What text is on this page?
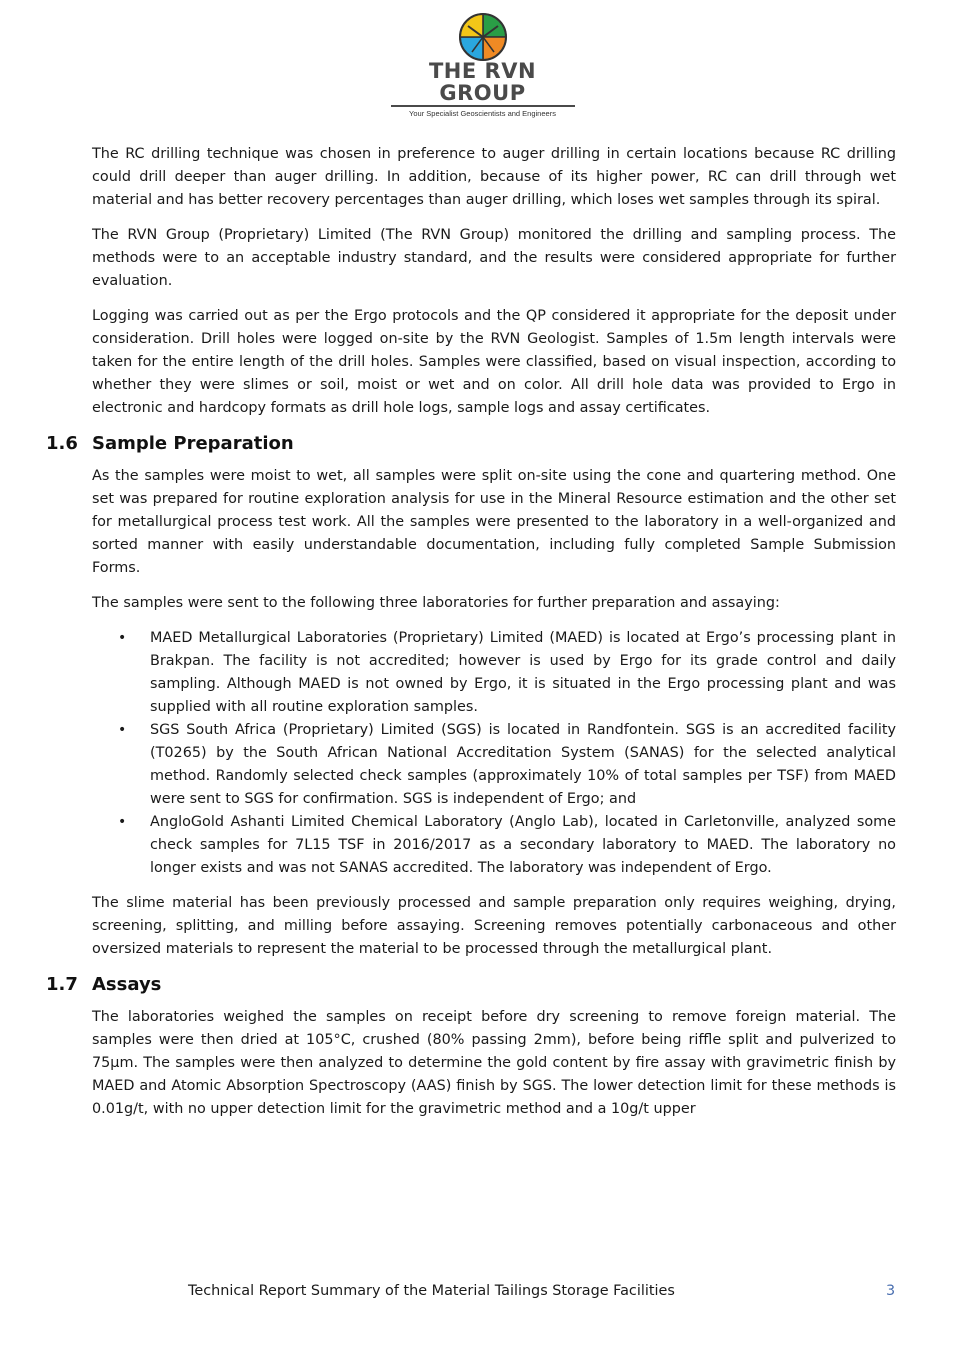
THE RVN GROUP
Your Specialist Geoscientists and Engineers

The RC drilling technique was chosen in preference to auger drilling in certain locations because RC drilling could drill deeper than auger drilling. In addition, because of its higher power, RC can drill through wet material and has better recovery percentages than auger drilling, which loses wet samples through its spiral.

The RVN Group (Proprietary) Limited (The RVN Group) monitored the drilling and sampling process. The methods were to an acceptable industry standard, and the results were considered appropriate for further evaluation.

Logging was carried out as per the Ergo protocols and the QP considered it appropriate for the deposit under consideration. Drill holes were logged on-site by the RVN Geologist. Samples of 1.5m length intervals were taken for the entire length of the drill holes. Samples were classified, based on visual inspection, according to whether they were slimes or soil, moist or wet and on color. All drill hole data was provided to Ergo in electronic and hardcopy formats as drill hole logs, sample logs and assay certificates.

1.6 Sample Preparation

As the samples were moist to wet, all samples were split on-site using the cone and quartering method. One set was prepared for routine exploration analysis for use in the Mineral Resource estimation and the other set for metallurgical process test work. All the samples were presented to the laboratory in a well-organized and sorted manner with easily understandable documentation, including fully completed Sample Submission Forms.

The samples were sent to the following three laboratories for further preparation and assaying:

• MAED Metallurgical Laboratories (Proprietary) Limited (MAED) is located at Ergo’s processing plant in Brakpan. The facility is not accredited; however is used by Ergo for its grade control and daily sampling. Although MAED is not owned by Ergo, it is situated in the Ergo processing plant and was supplied with all routine exploration samples.
• SGS South Africa (Proprietary) Limited (SGS) is located in Randfontein. SGS is an accredited facility (T0265) by the South African National Accreditation System (SANAS) for the selected analytical method. Randomly selected check samples (approximately 10% of total samples per TSF) from MAED were sent to SGS for confirmation. SGS is independent of Ergo; and
• AngloGold Ashanti Limited Chemical Laboratory (Anglo Lab), located in Carletonville, analyzed some check samples for 7L15 TSF in 2016/2017 as a secondary laboratory to MAED. The laboratory no longer exists and was not SANAS accredited. The laboratory was independent of Ergo.

The slime material has been previously processed and sample preparation only requires weighing, drying, screening, splitting, and milling before assaying. Screening removes potentially carbonaceous and other oversized materials to represent the material to be processed through the metallurgical plant.

1.7 Assays

The laboratories weighed the samples on receipt before dry screening to remove foreign material. The samples were then dried at 105°C, crushed (80% passing 2mm), before being riffle split and pulverized to 75µm. The samples were then analyzed to determine the gold content by fire assay with gravimetric finish by MAED and Atomic Absorption Spectroscopy (AAS) finish by SGS. The lower detection limit for these methods is 0.01g/t, with no upper detection limit for the gravimetric method and a 10g/t upper

Technical Report Summary of the Material Tailings Storage Facilities	3
